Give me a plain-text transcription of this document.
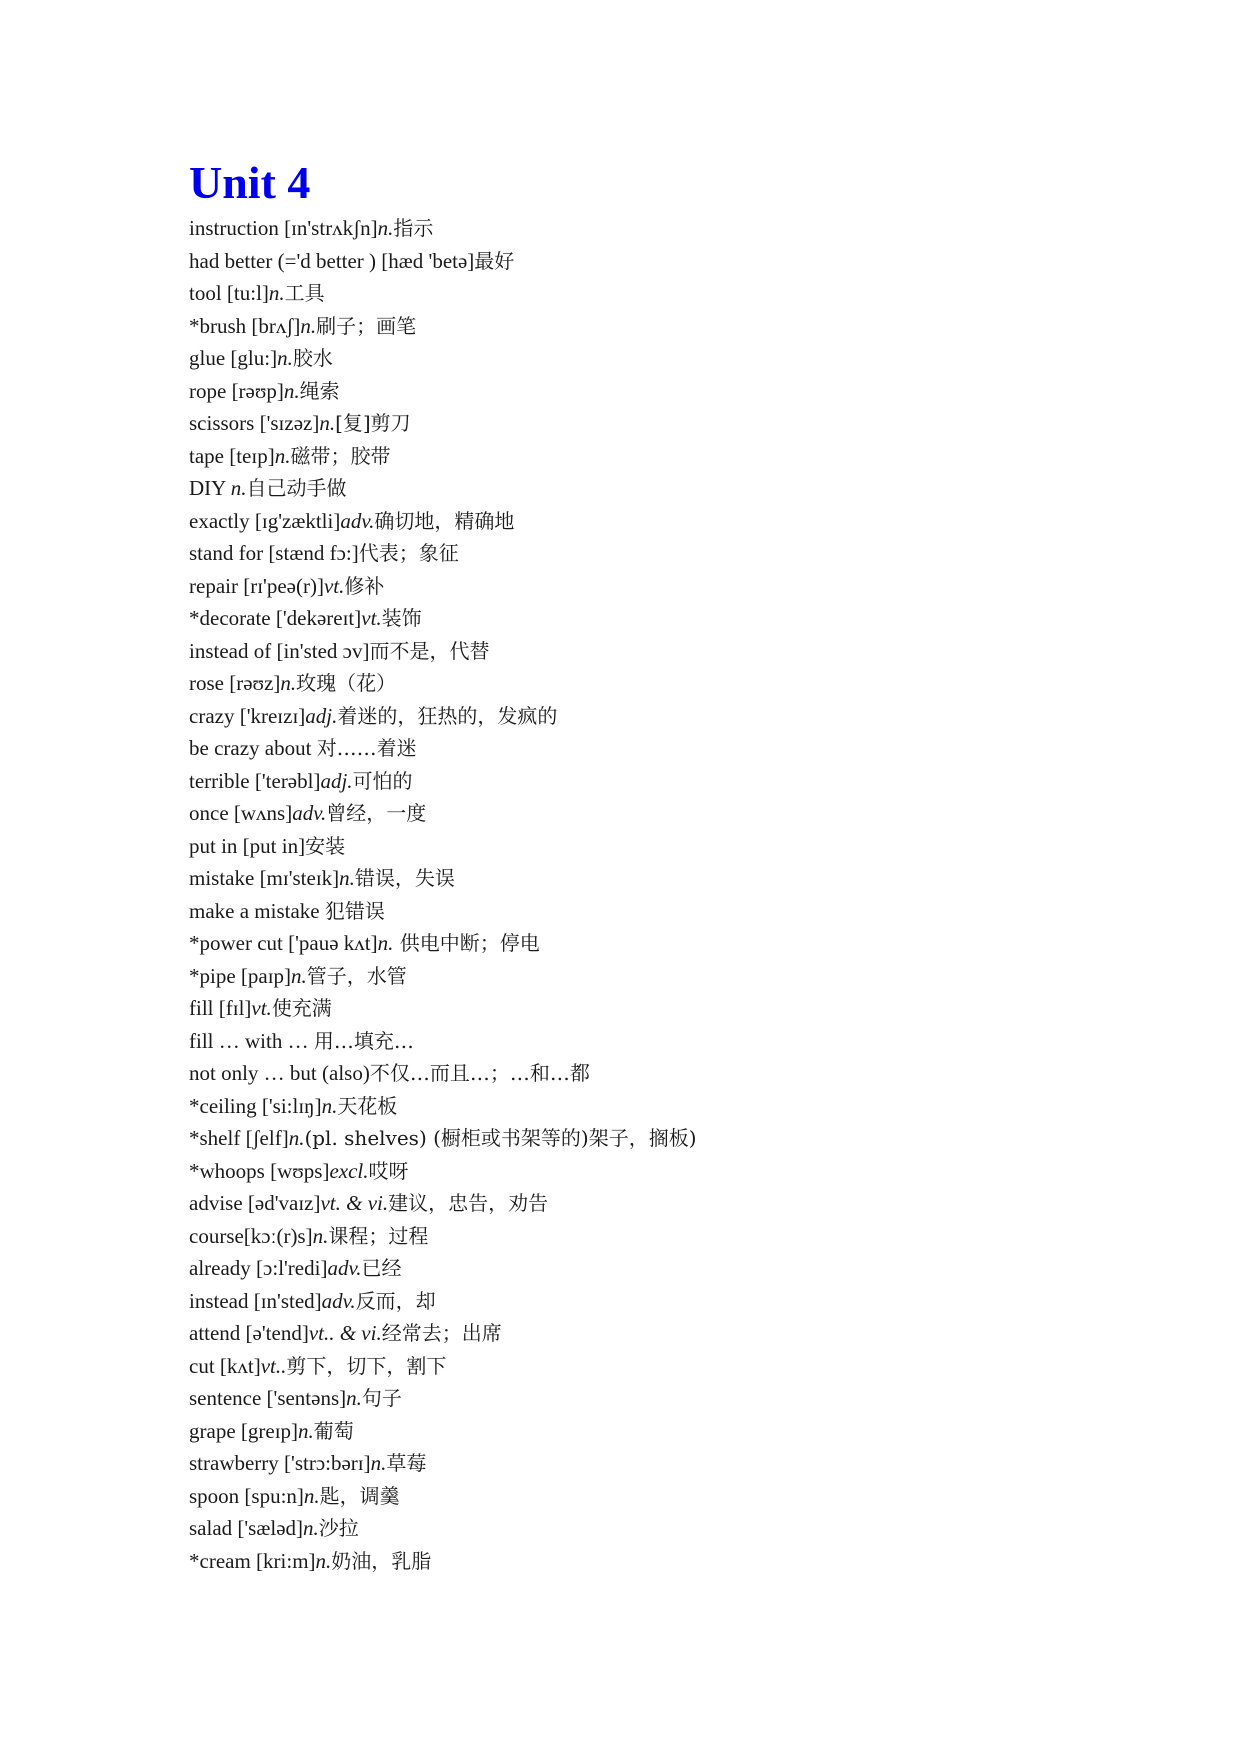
Unit 4
instruction [ɪn'strʌkʃn]n.指示
had better (='d better ) [hæd 'betə]最好
tool [tu:l]n.工具
*brush [brʌʃ]n.刷子；画笔
glue [glu:]n.胶水
rope [rəʊp]n.绳索
scissors ['sɪzəz]n.[复]剪刀
tape [teɪp]n.磁带；胶带
DIY n.自己动手做
exactly [ɪg'zæktli]adv.确切地，精确地
stand for [stænd fɔ:]代表；象征
repair [rɪ'peə(r)]vt.修补
*decorate ['dekəreɪt]vt.装饰
instead of [in'sted ɔv]而不是，代替
rose [rəʊz]n.玫瑰（花）
crazy ['kreɪzɪ]adj.着迷的，狂热的，发疯的
be crazy about 对……着迷
terrible ['terəbl]adj.可怕的
once [wʌns]adv.曾经，一度
put in [put in]安装
mistake [mɪ'steɪk]n.错误，失误
make a mistake 犯错误
*power cut ['pauə kʌt]n. 供电中断；停电
*pipe [paɪp]n.管子，水管
fill [fɪl]vt.使充满
fill … with … 用…填充…
not only … but (also)不仅…而且…；…和…都
*ceiling ['si:lɪŋ]n.天花板
*shelf [ʃelf]n.(pl. shelves) (橱柜或书架等的)架子，搁板)
*whoops [wʊps]excl.哎呀
advise [əd'vaɪz]vt. & vi.建议，忠告，劝告
course[kɔː(r)s]n.课程；过程
already [ɔ:l'redi]adv.已经
instead [ɪn'sted]adv.反而，却
attend [ə'tend]vt.. & vi.经常去；出席
cut [kʌt]vt..剪下，切下，割下
sentence ['sentəns]n.句子
grape [greɪp]n.葡萄
strawberry ['strɔ:bərɪ]n.草莓
spoon [spu:n]n.匙，调羹
salad ['sæləd]n.沙拉
*cream [kri:m]n.奶油，乳脂
